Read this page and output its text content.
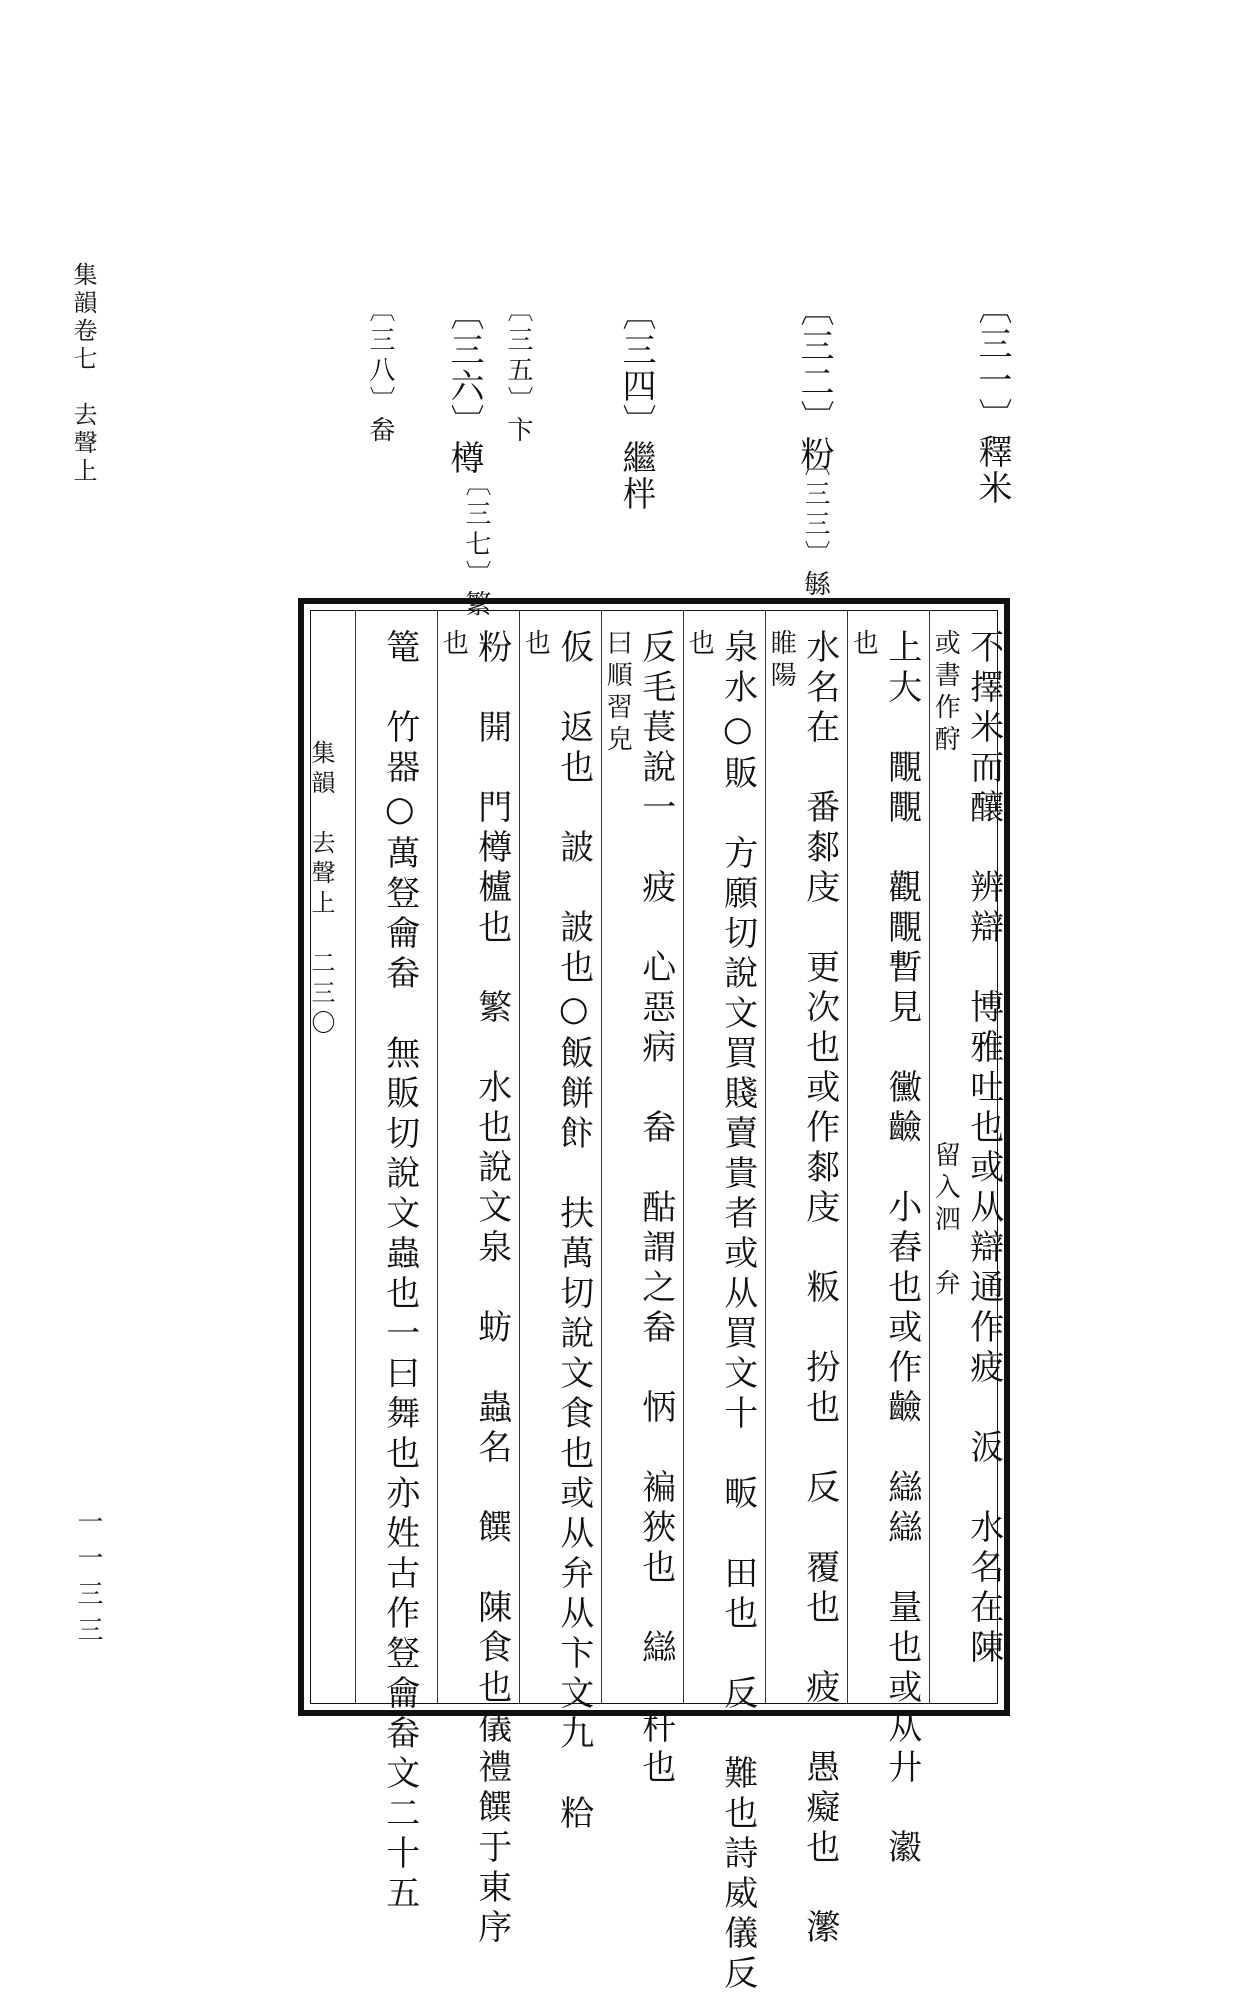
集韻卷七　去聲上
一一三三
〔三一〕釋米
〔三二〕粉
〔三三〕緐
〔三四〕繼柈
〔三五〕卞
〔三六〕樽
〔三七〕繁
〔三八〕畚
不擇米而釀　辨辯　博雅吐也或从辯通作疲　汳　水名在陳
或書作酧　　　　　　　　　　　　留入泗　弁
上大　覸覸　觀覸暫見　黴䶨　小舂也或作䶨　䜌䜌　量也或从廾　瀫
也
水名在　番䣛庋　更次也或作䣛庋　粄　扮也　反　覆也　疲　愚癡也　瀿
睢陽
泉水○販　方願切說文買賤賣貴者或从買文十　畈　田也　反　難也詩威儀反
也
反毛萇說一　疲　心惡病　畚　酤謂之畚　怲　褊狹也　䜌　杆也
曰順習皃
仮　返也　詖　詖也○飯餅飰　扶萬切說文食也或从弁从卞文九　粭
也
粉　開　門樽櫨也　繁　水也說文泉　蚄　蟲名　饌　陳食也儀禮饌于東序
也
篭　竹器○萬豋龠畚　無販切說文蟲也一曰舞也亦姓古作豋龠畚文二十五
集韻　去聲上　二三〇
